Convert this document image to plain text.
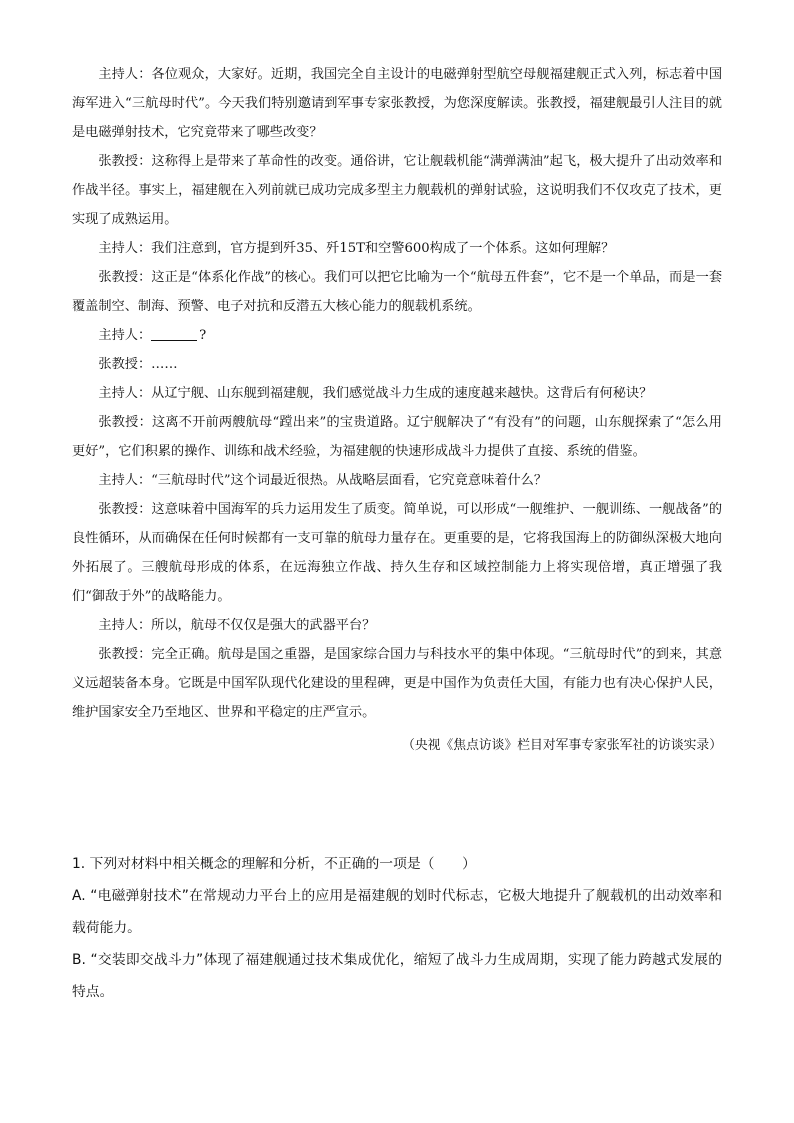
主持人：各位观众，大家好。近期，我国完全自主设计的电磁弹射型航空母舰福建舰正式入列，标志着中国海军进入“三航母时代”。今天我们特别邀请到军事专家张教授，为您深度解读。张教授，福建舰最引人注目的就是电磁弹射技术，它究竟带来了哪些改变？

张教授：这称得上是带来了革命性的改变。通俗讲，它让舰载机能“满弹满油”起飞，极大提升了出动效率和作战半径。事实上，福建舰在入列前就已成功完成多型主力舰载机的弹射试验，这说明我们不仅攻克了技术，更实现了成熟运用。

主持人：我们注意到，官方提到歼35、歼15T和空警600构成了一个体系。这如何理解？

张教授：这正是“体系化作战”的核心。我们可以把它比喻为一个“航母五件套”，它不是一个单品，而是一套覆盖制空、制海、预警、电子对抗和反潜五大核心能力的舰载机系统。

主持人：	?

张教授：……

主持人：从辽宁舰、山东舰到福建舰，我们感觉战斗力生成的速度越来越快。这背后有何秘诀？

张教授：这离不开前两艘航母“蹚出来”的宝贵道路。辽宁舰解决了“有没有”的问题，山东舰探索了“怎么用更好”，它们积累的操作、训练和战术经验，为福建舰的快速形成战斗力提供了直接、系统的借鉴。

主持人：“三航母时代”这个词最近很热。从战略层面看，它究竟意味着什么？

张教授：这意味着中国海军的兵力运用发生了质变。简单说，可以形成“一舰维护、一舰训练、一舰战备”的良性循环，从而确保在任何时候都有一支可靠的航母力量存在。更重要的是，它将我国海上的防御纵深极大地向外拓展了。三艘航母形成的体系，在远海独立作战、持久生存和区域控制能力上将实现倍增，真正增强了我们“御敌于外”的战略能力。

主持人：所以，航母不仅仅是强大的武器平台？

张教授：完全正确。航母是国之重器，是国家综合国力与科技水平的集中体现。“三航母时代”的到来，其意义远超装备本身。它既是中国军队现代化建设的里程碑，更是中国作为负责任大国，有能力也有决心保护人民，维护国家安全乃至地区、世界和平稳定的庄严宣示。

（央视《焦点访谈》栏目对军事专家张军社的访谈实录）

1. 下列对材料中相关概念的理解和分析，不正确的一项是（　　）

A. “电磁弹射技术”在常规动力平台上的应用是福建舰的划时代标志，它极大地提升了舰载机的出动效率和载荷能力。

B. “交装即交战斗力”体现了福建舰通过技术集成优化，缩短了战斗力生成周期，实现了能力跨越式发展的特点。
